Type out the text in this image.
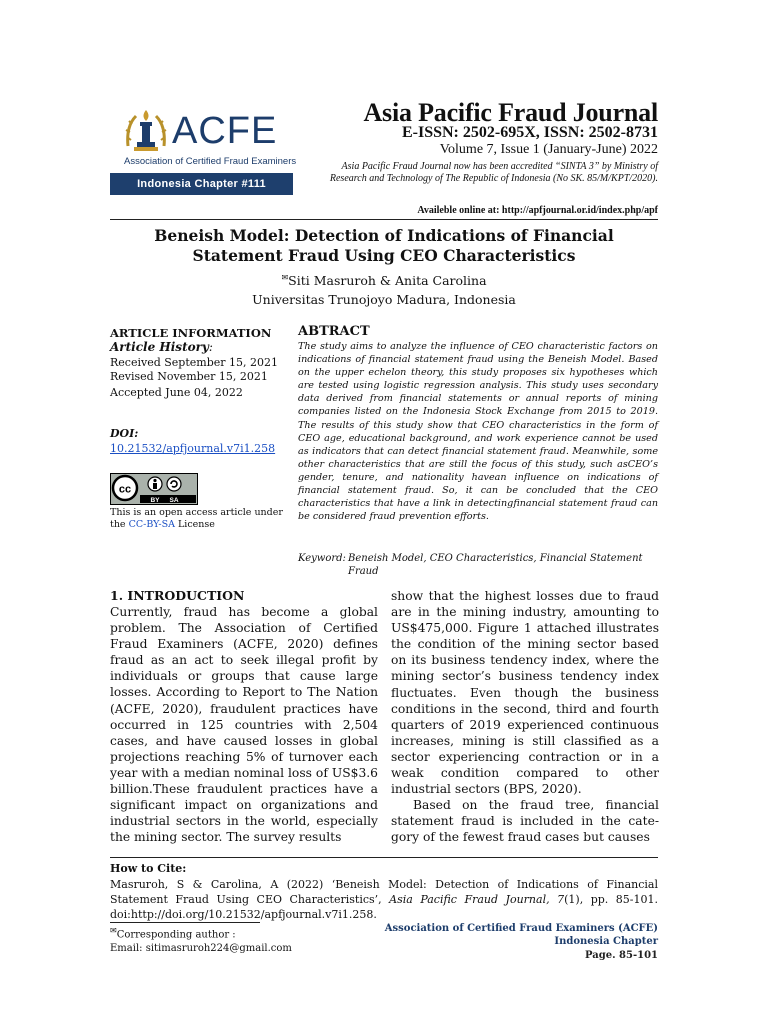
ACFE
Association of Certified Fraud Examiners
Indonesia Chapter #111
Asia Pacific Fraud Journal
E-ISSN: 2502-695X, ISSN: 2502-8731
Volume 7, Issue 1 (January-June) 2022
Asia Pacific Fraud Journal now has been accredited “SINTA 3” by Ministry of Research and Technology of The Republic of Indonesia (No SK. 85/M/KPT/2020).
Availeble online at: http://apfjournal.or.id/index.php/apf
Beneish Model: Detection of Indications of Financial Statement Fraud Using CEO Characteristics
✉Siti Masruroh & Anita Carolina
Universitas Trunojoyo Madura, Indonesia
ARTICLE INFORMATION
Article History:
Received September 15, 2021
Revised November 15, 2021
Accepted June 04, 2022
DOI:
10.21532/apfjournal.v7i1.258
cc
BY SA
This is an open access article under the CC-BY-SA License
ABTRACT
The study aims to analyze the influence of CEO characteristic factors on indications of financial statement fraud using the Beneish Model. Based on the upper echelon theory, this study proposes six hypotheses which are tested using logistic regression analysis. This study uses secondary data derived from financial statements or annual reports of mining companies listed on the Indonesia Stock Exchange from 2015 to 2019. The results of this study show that CEO characteristics in the form of CEO age, educational background, and work experience cannot be used as indicators that can detect financial statement fraud. Meanwhile, some other characteristics that are still the focus of this study, such asCEO’s gender, tenure, and nationality havean influence on indications of financial statement fraud. So, it can be concluded that the CEO characteristics that have a link in detectingfinancial statement fraud can be considered fraud prevention efforts.
Keyword: Beneish Model, CEO Characteristics, Financial Statement Fraud
1. INTRODUCTION
Currently, fraud has become a global problem. The Association of Certified Fraud Examiners (ACFE, 2020) defines fraud as an act to seek illegal profit by individuals or groups that cause large losses. According to Report to The Nation (ACFE, 2020), fraudulent practices have occurred in 125 countries with 2,504 cases, and have caused losses in global projections reaching 5% of turnover each year with a median nominal loss of US$3.6 billion.These fraudulent practices have a significant impact on organizations and industrial sectors in the world, especially the mining sector. The survey results

show that the highest losses due to fraud are in the mining industry, amounting to US$475,000. Figure 1 attached illustrates the condition of the mining sector based on its business tendency index, where the mining sector’s business tendency index fluctuates. Even though the business conditions in the second, third and fourth quarters of 2019 experienced continuous increases, mining is still classified as a sector experiencing contraction or in a weak condition compared to other industrial sectors (BPS, 2020).

Based on the fraud tree, financial statement fraud is included in the cate-gory of the fewest fraud cases but causes

How to Cite:
Masruroh, S & Carolina, A (2022) ‘Beneish Model: Detection of Indications of Financial Statement Fraud Using CEO Characteristics’, Asia Pacific Fraud Journal, 7(1), pp. 85-101. doi:http://doi.org/10.21532/apfjournal.v7i1.258.
✉Corresponding author :
Email: sitimasruroh224@gmail.com
Association of Certified Fraud Examiners (ACFE)
Indonesia Chapter
Page. 85-101
